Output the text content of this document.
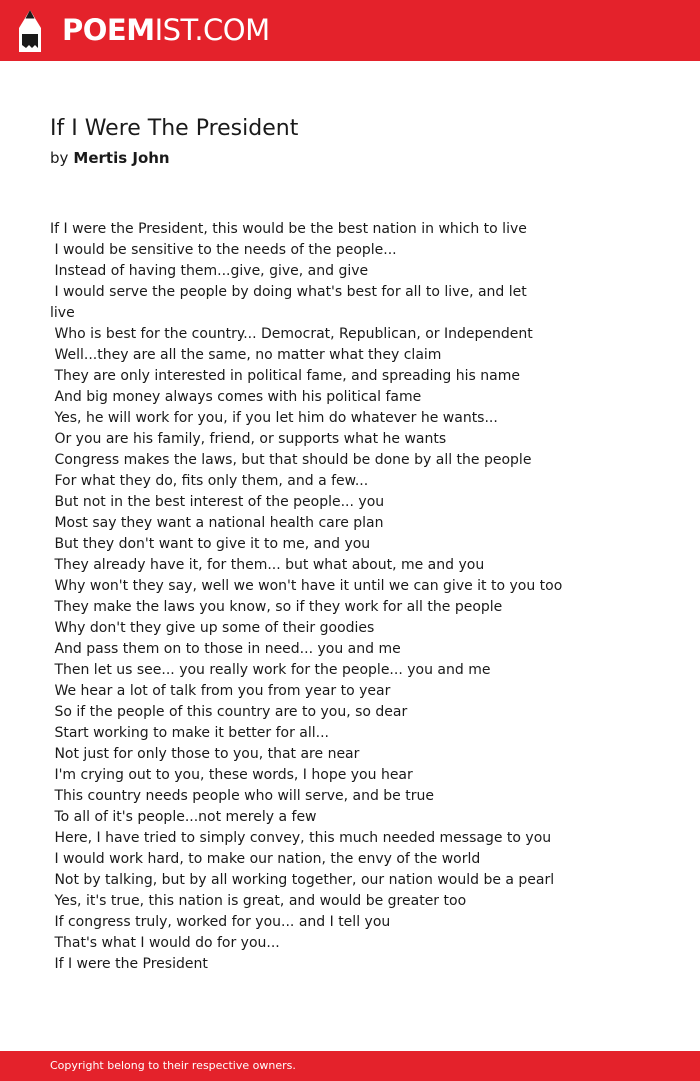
POEMIST.COM
If I Were The President
by Mertis John
If I were the President, this would be the best nation in which to live
I would be sensitive to the needs of the people...
Instead of having them...give, give, and give
I would serve the people by doing what's best for all to live, and let
live
Who is best for the country... Democrat, Republican, or Independent
Well...they are all the same, no matter what they claim
They are only interested in political fame, and spreading his name
And big money always comes with his political fame
Yes, he will work for you, if you let him do whatever he wants...
Or you are his family, friend, or supports what he wants
Congress makes the laws, but that should be done by all the people
For what they do, fits only them, and a few...
But not in the best interest of the people... you
Most say they want a national health care plan
But they don't want to give it to me, and you
They already have it, for them... but what about, me and you
Why won't they say, well we won't have it until we can give it to you too
They make the laws you know, so if they work for all the people
Why don't they give up some of their goodies
And pass them on to those in need... you and me
Then let us see... you really work for the people... you and me
We hear a lot of talk from you from year to year
So if the people of this country are to you, so dear
Start working to make it better for all...
Not just for only those to you, that are near
I'm crying out to you, these words, I hope you hear
This country needs people who will serve, and be true
To all of it's people...not merely a few
Here, I have tried to simply convey, this much needed message to you
I would work hard, to make our nation, the envy of the world
Not by talking, but by all working together, our nation would be a pearl
Yes, it's true, this nation is great, and would be greater too
If congress truly, worked for you... and I tell you
That's what I would do for you...
If I were the President
Copyright belong to their respective owners.
